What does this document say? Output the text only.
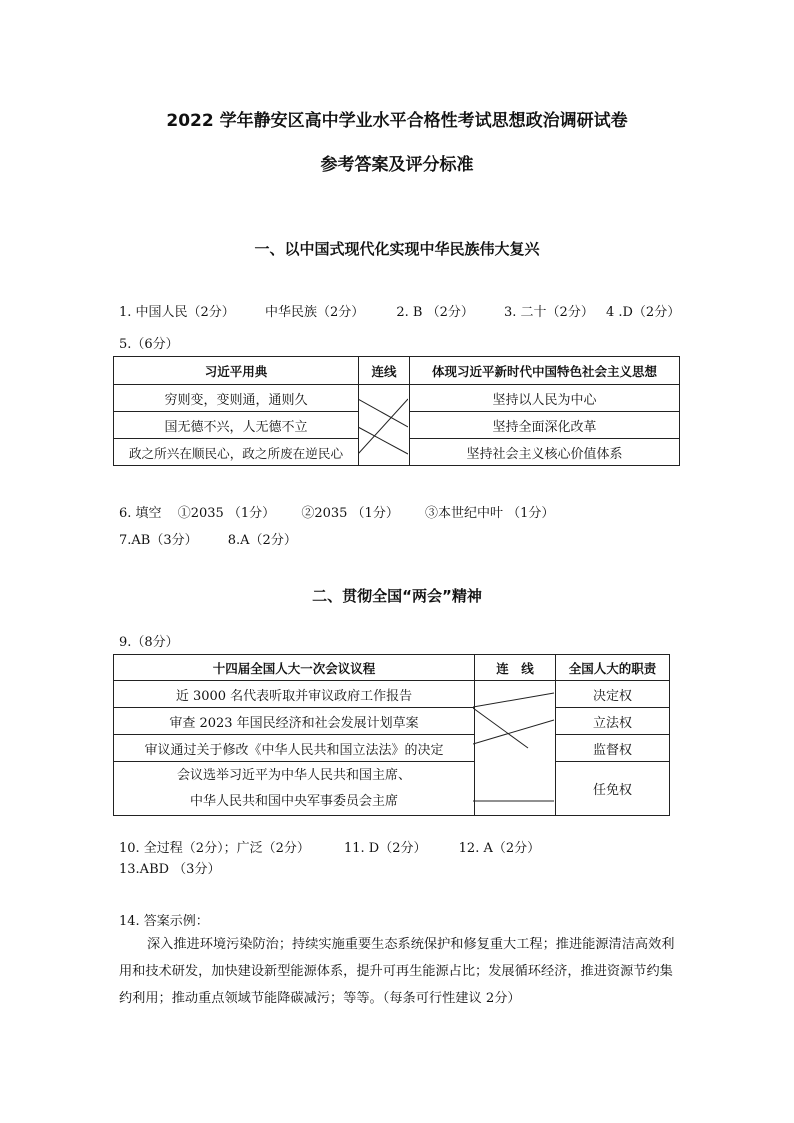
2022 学年静安区高中学业水平合格性考试思想政治调研试卷
参考答案及评分标准
一、以中国式现代化实现中华民族伟大复兴
1. 中国人民（2分） 中华民族（2分） 2. B （2分） 3. 二十（2分） 4 .D（2分）
5.（6分）
习近平用典	连线	体现习近平新时代中国特色社会主义思想
穷则变，变则通，通则久		坚持以人民为中心
国无德不兴，人无德不立		坚持全面深化改革
政之所兴在顺民心，政之所废在逆民心		坚持社会主义核心价值体系
6. 填空 ①2035 （1分） ②2035 （1分） ③本世纪中叶 （1分）
7.AB（3分） 8.A（2分）
二、贯彻全国“两会”精神
9.（8分）
十四届全国人大一次会议议程	连　线	全国人大的职责
近 3000 名代表听取并审议政府工作报告		决定权
审查 2023 年国民经济和社会发展计划草案		立法权
审议通过关于修改《中华人民共和国立法法》的决定		监督权

会议选举习近平为中华人民共和国主席、
中华人民共和国中央军事委员会主席		任免权
10. 全过程（2分）；广泛（2分）	11. D（2分） 12. A（2分）
13.ABD （3分）
14. 答案示例：
深入推进环境污染防治；持续实施重要生态系统保护和修复重大工程；推进能源清洁高效利用和技术研发，加快建设新型能源体系，提升可再生能源占比；发展循环经济，推进资源节约集约利用；推动重点领域节能降碳减污；等等。（每条可行性建议 2分）
